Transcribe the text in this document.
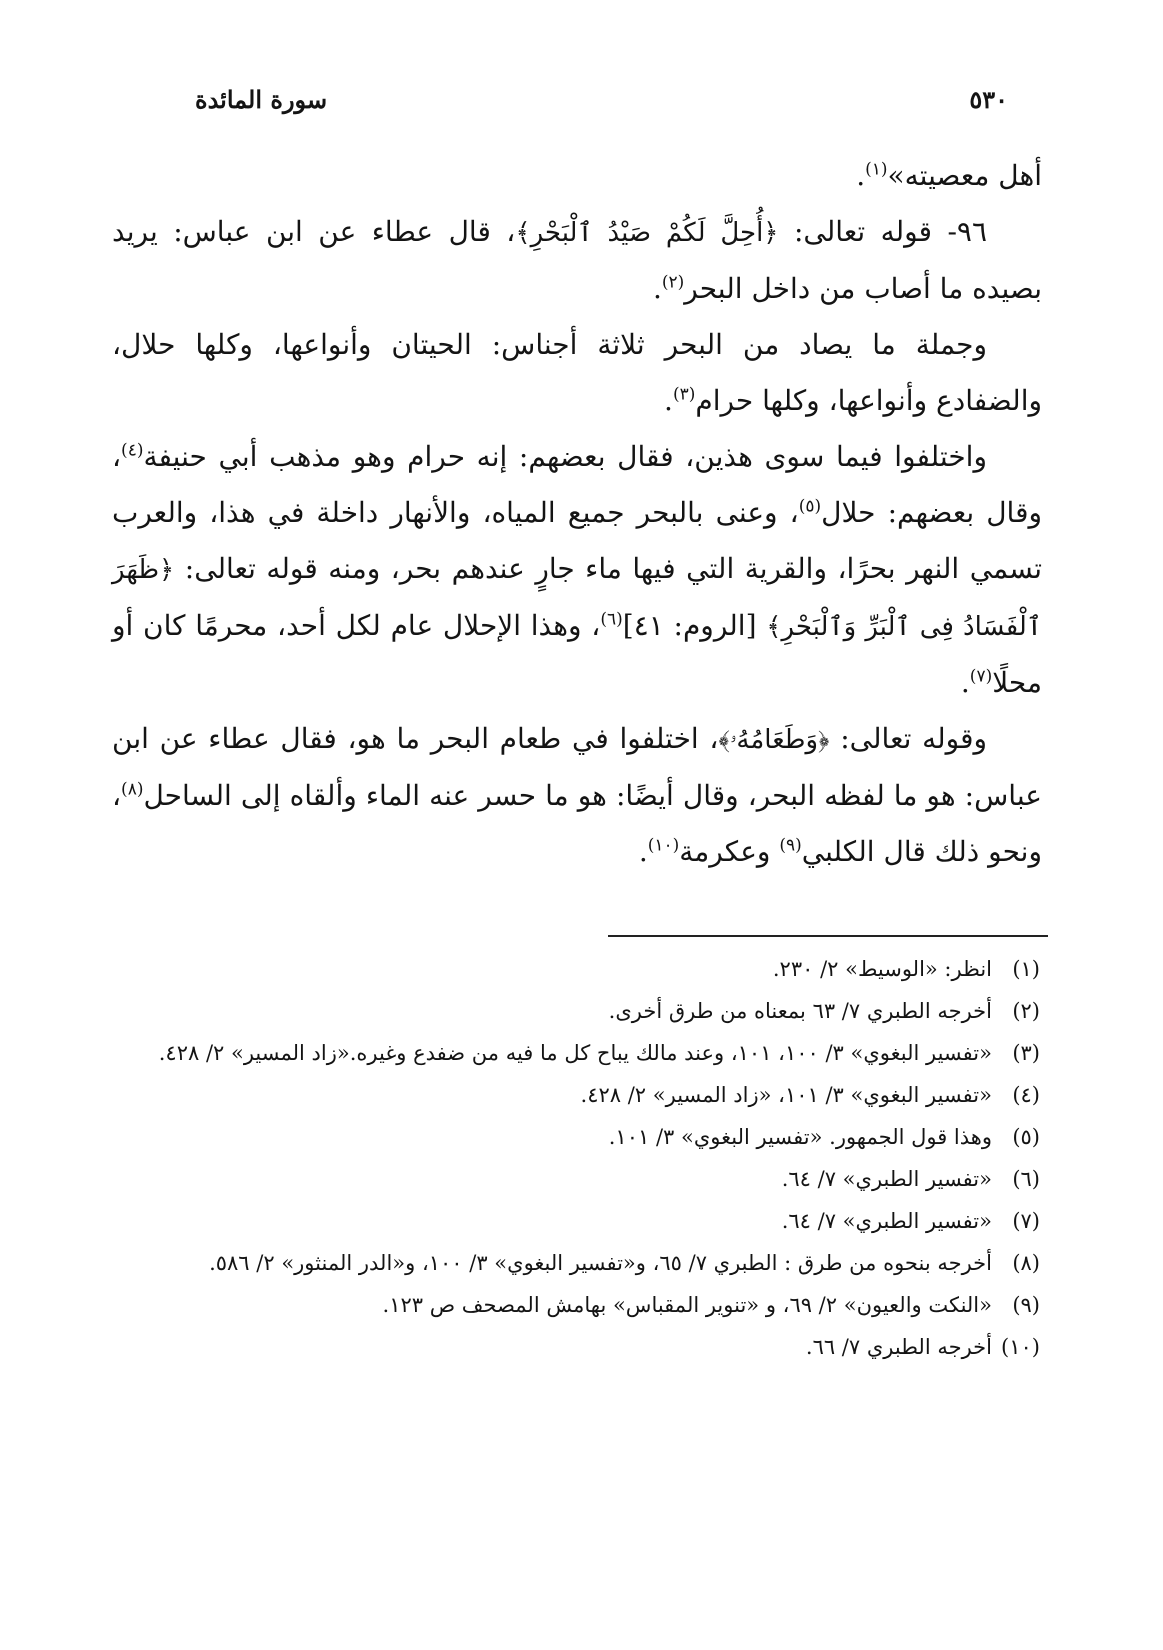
سورة المائدة	٥٣٠

أهل معصيته»$^{(١)}$.

٩٦- قوله تعالى: ﴿أُحِلَّ لَكُمْ صَيْدُ ٱلْبَحْرِ﴾، قال عطاء عن ابن عباس: يريد بصيده ما أصاب من داخل البحر$^{(٢)}$.

وجملة ما يصاد من البحر ثلاثة أجناس: الحيتان وأنواعها، وكلها حلال، والضفادع وأنواعها، وكلها حرام$^{(٣)}$.

واختلفوا فيما سوى هذين، فقال بعضهم: إنه حرام وهو مذهب أبي حنيفة$^{(٤)}$، وقال بعضهم: حلال$^{(٥)}$، وعنى بالبحر جميع المياه، والأنهار داخلة في هذا، والعرب تسمي النهر بحرًا، والقرية التي فيها ماء جارٍ عندهم بحر، ومنه قوله تعالى: ﴿ظَهَرَ ٱلْفَسَادُ فِى ٱلْبَرِّ وَٱلْبَحْرِ﴾ [الروم: ٤١]$^{(٦)}$، وهذا الإحلال عام لكل أحد، محرمًا كان أو محلًا$^{(٧)}$.

وقوله تعالى: ﴿وَطَعَامُهُۥ﴾، اختلفوا في طعام البحر ما هو، فقال عطاء عن ابن عباس: هو ما لفظه البحر، وقال أيضًا: هو ما حسر عنه الماء وألقاه إلى الساحل$^{(٨)}$، ونحو ذلك قال الكلبي$^{(٩)}$ وعكرمة$^{(١٠)}$.

(١)
انظر: «الوسيط» ٢/ ٢٣٠.
(٢)
أخرجه الطبري ٧/ ٦٣ بمعناه من طرق أخرى.
(٣)
«تفسير البغوي» ٣/ ١٠٠، ١٠١، وعند مالك يباح كل ما فيه من ضفدع وغيره.«زاد المسير» ٢/ ٤٢٨.
(٤)
«تفسير البغوي» ٣/ ١٠١، «زاد المسير» ٢/ ٤٢٨.
(٥)
وهذا قول الجمهور. «تفسير البغوي» ٣/ ١٠١.
(٦)
«تفسير الطبري» ٧/ ٦٤.
(٧)
«تفسير الطبري» ٧/ ٦٤.
(٨)
أخرجه بنحوه من طرق : الطبري ٧/ ٦٥، و«تفسير البغوي» ٣/ ١٠٠، و«الدر المنثور» ٢/ ٥٨٦.
(٩)
«النكت والعيون» ٢/ ٦٩، و «تنوير المقباس» بهامش المصحف ص ١٢٣.
(١٠)
أخرجه الطبري ٧/ ٦٦.
